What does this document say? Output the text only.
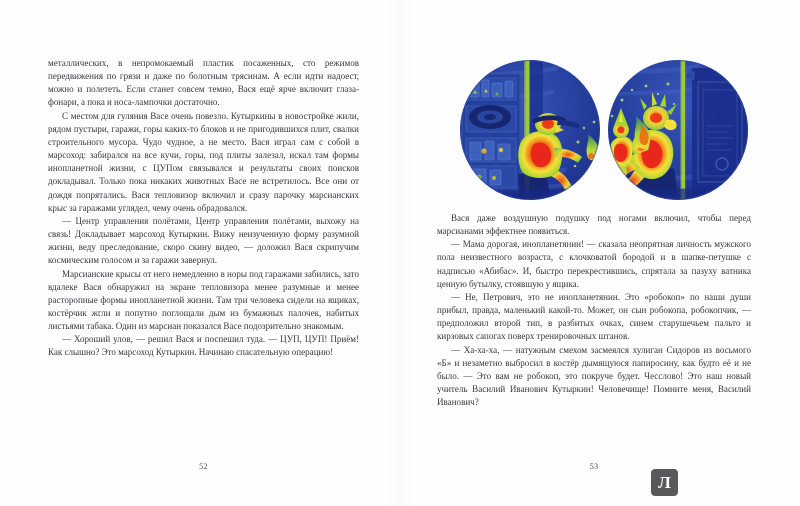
металлических, в непромокаемый пластик посаженных, сто режимов передвижения по грязи и даже по болотным трясинам. А если идти надоест, можно и полететь. Если станет совсем темно, Вася ещё ярче включит глаза-фонари, а пока и носа-лампочки достаточно.

С местом для гуляния Васе очень повезло. Кутыркины в новостройке жили, рядом пустыри, гаражи, горы каких-то блоков и не пригодившихся плит, свалки строительного мусора. Чудо чудное, а не место. Вася играл сам с собой в марсоход: забирался на все кучи, горы, под плиты залезал, искал там формы инопланетной жизни, с ЦУПом связывался и результаты своих поисков докладывал. Только пока никаких животных Васе не встретилось. Все они от дождя попрятались. Вася тепловизор включил и сразу парочку марсианских крыс за гаражами углядел, чему очень обрадовался.

— Центр управления полётами, Центр управления полётами, выхожу на связь! Докладывает марсоход Кутыркин. Вижу неизученную форму разумной жизни, веду преследование, скоро скину видео, — доложил Вася скрипучим космическим голосом и за гаражи завернул.

Марсианские крысы от него немедленно в норы под гаражами забились, зато вдалеке Вася обнаружил на экране тепловизора менее разумные и менее расторопные формы инопланетной жизни. Там три человека сидели на ящиках, костёрчик жгли и попутно поглощали дым из бумажных палочек, набитых листьями табака. Один из марсиан показался Васе подозрительно знакомым.

— Хороший улов, — решил Вася и поспешил туда. — ЦУП, ЦУП! Приём! Как слышно? Это марсоход Кутыркин. Начинаю спасательную операцию!

52

Вася даже воздушную подушку под ногами включил, чтобы перед марсианами эффектнее появиться.

— Мама дорогая, инопланетянин! — сказала неопрятная личность мужского пола неизвестного возраста, с клочковатой бородой и в шапке-петушке с надписью «Абибас». И, быстро перекрестившись, спрятала за пазуху ватника ценную бутылку, стоявшую у ящика.

— Не, Петрович, это не инопланетянин. Это «робокоп» по наши души прибыл, правда, маленький какой-то. Может, он сын робокопа, робокопчик, — предположил второй тип, в разбитых очках, синем старушечьем пальто и кирзовых сапогах поверх тренировочных штанов.

— Ха-ха-ха, — натужным смехом засмеялся хулиган Сидоров из восьмого «Б» и незаметно выбросил в костёр дымящуюся папиросину, как будто её и не было. — Это вам не робокоп, это покруче будет. Чесслово! Это наш новый учитель Василий Иванович Кутыркин! Человечище! Помните меня, Василий Иванович?

53
Л
